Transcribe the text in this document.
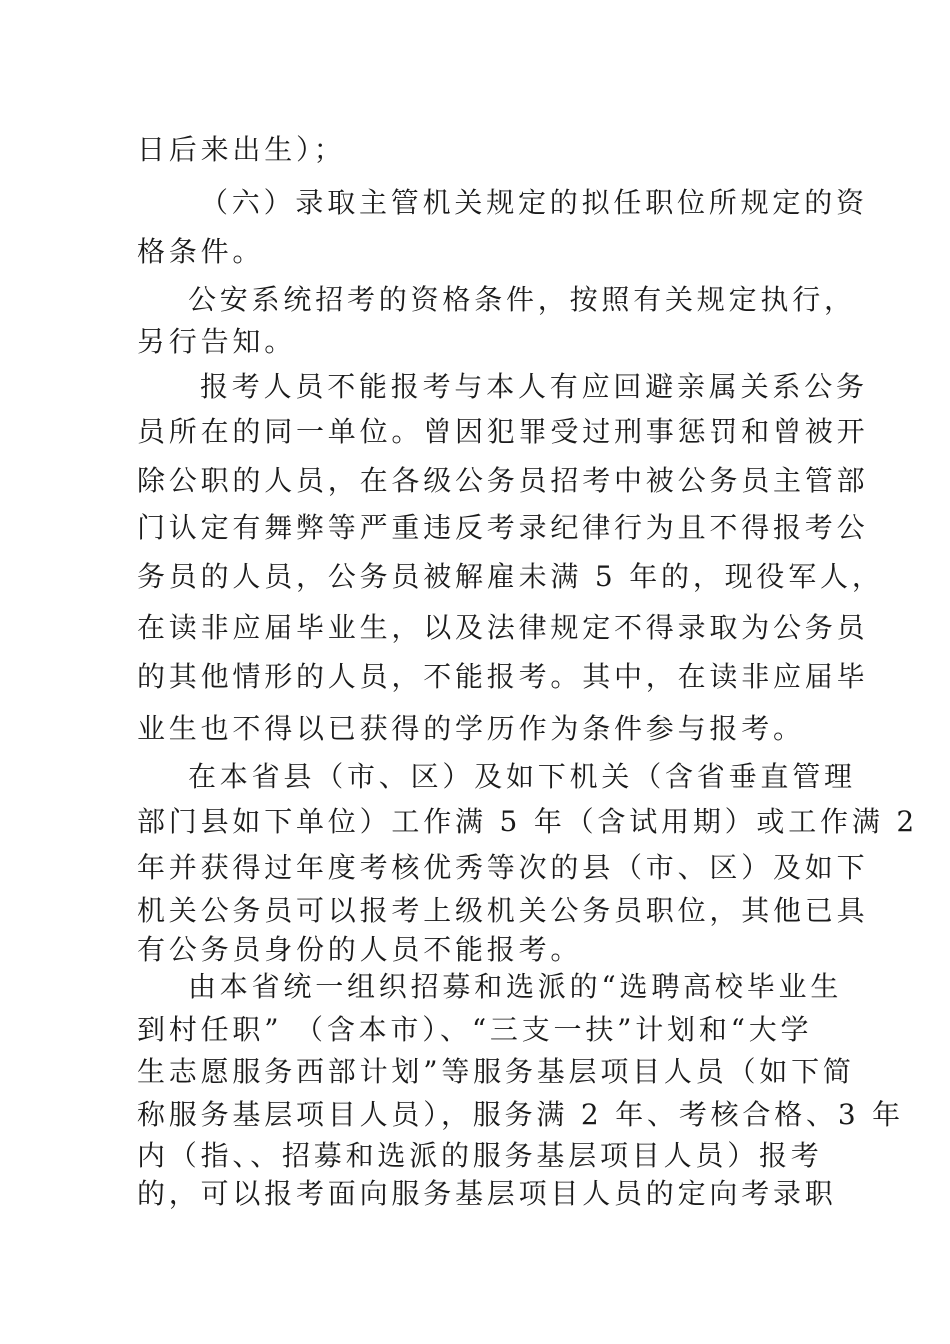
日后来出生）；

（六）录取主管机关规定的拟任职位所规定的资

格条件。

公安系统招考的资格条件，按照有关规定执行，

另行告知。

报考人员不能报考与本人有应回避亲属关系公务

员所在的同一单位。曾因犯罪受过刑事惩罚和曾被开

除公职的人员，在各级公务员招考中被公务员主管部

门认定有舞弊等严重违反考录纪律行为且不得报考公

务员的人员，公务员被解雇未满 5 年的，现役军人，

在读非应届毕业生，以及法律规定不得录取为公务员

的其他情形的人员，不能报考。其中，在读非应届毕

业生也不得以已获得的学历作为条件参与报考。

在本省县（市、区）及如下机关（含省垂直管理

部门县如下单位）工作满 5 年（含试用期）或工作满 2

年并获得过年度考核优秀等次的县（市、区）及如下

机关公务员可以报考上级机关公务员职位，其他已具

有公务员身份的人员不能报考。

由本省统一组织招募和选派的“选聘高校毕业生

到村任职” （含本市）、“三支一扶”计划和“大学

生志愿服务西部计划”等服务基层项目人员（如下简

称服务基层项目人员），服务满 2 年、考核合格、3 年

内（指、、招募和选派的服务基层项目人员）报考

的，可以报考面向服务基层项目人员的定向考录职
